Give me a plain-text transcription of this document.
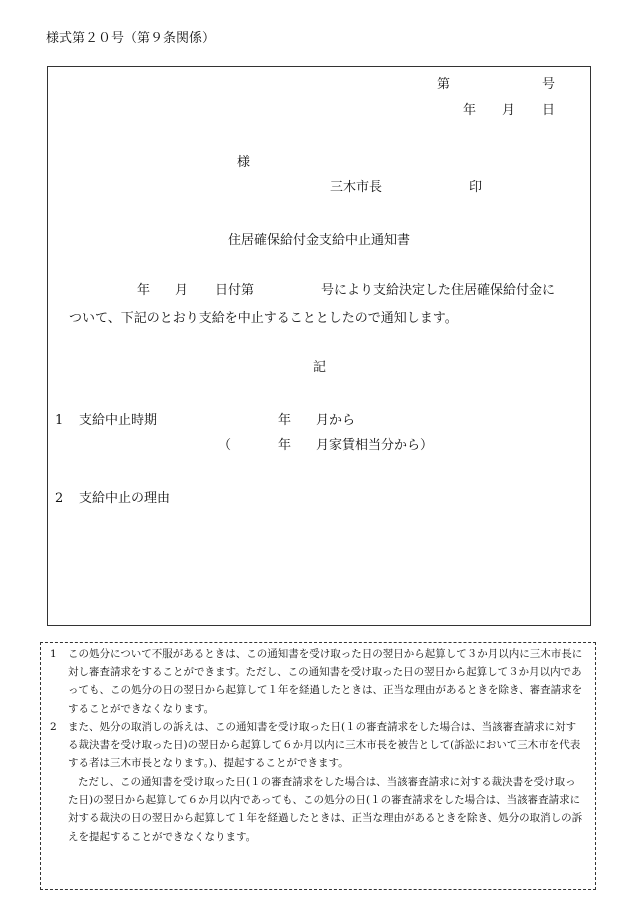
様式第２０号（第９条関係）
第	号
年 月 日
様
三木市長	印
住居確保給付金支給中止通知書
年 月 日付第	号により支給決定した住居確保給付金に
ついて、下記のとおり支給を中止することとしたので通知します。
記
1 支給中止時期	年 月から
（	年 月家賃相当分から）
2 支給中止の理由
1	この処分について不服があるときは、この通知書を受け取った日の翌日から起算して３か月以内に三木市長に対し審査請求をすることができます。ただし、この通知書を受け取った日の翌日から起算して３か月以内であっても、この処分の日の翌日から起算して１年を経過したときは、正当な理由があるときを除き、審査請求をすることができなくなります。
2	また、処分の取消しの訴えは、この通知書を受け取った日(１の審査請求をした場合は、当該審査請求に対する裁決書を受け取った日)の翌日から起算して６か月以内に三木市長を被告として(訴訟において三木市を代表する者は三木市長となります。)、提起することができます。
ただし、この通知書を受け取った日(１の審査請求をした場合は、当該審査請求に対する裁決書を受け取った日)の翌日から起算して６か月以内であっても、この処分の日(１の審査請求をした場合は、当該審査請求に対する裁決の日の翌日から起算して１年を経過したときは、正当な理由があるときを除き、処分の取消しの訴えを提起することができなくなります。
